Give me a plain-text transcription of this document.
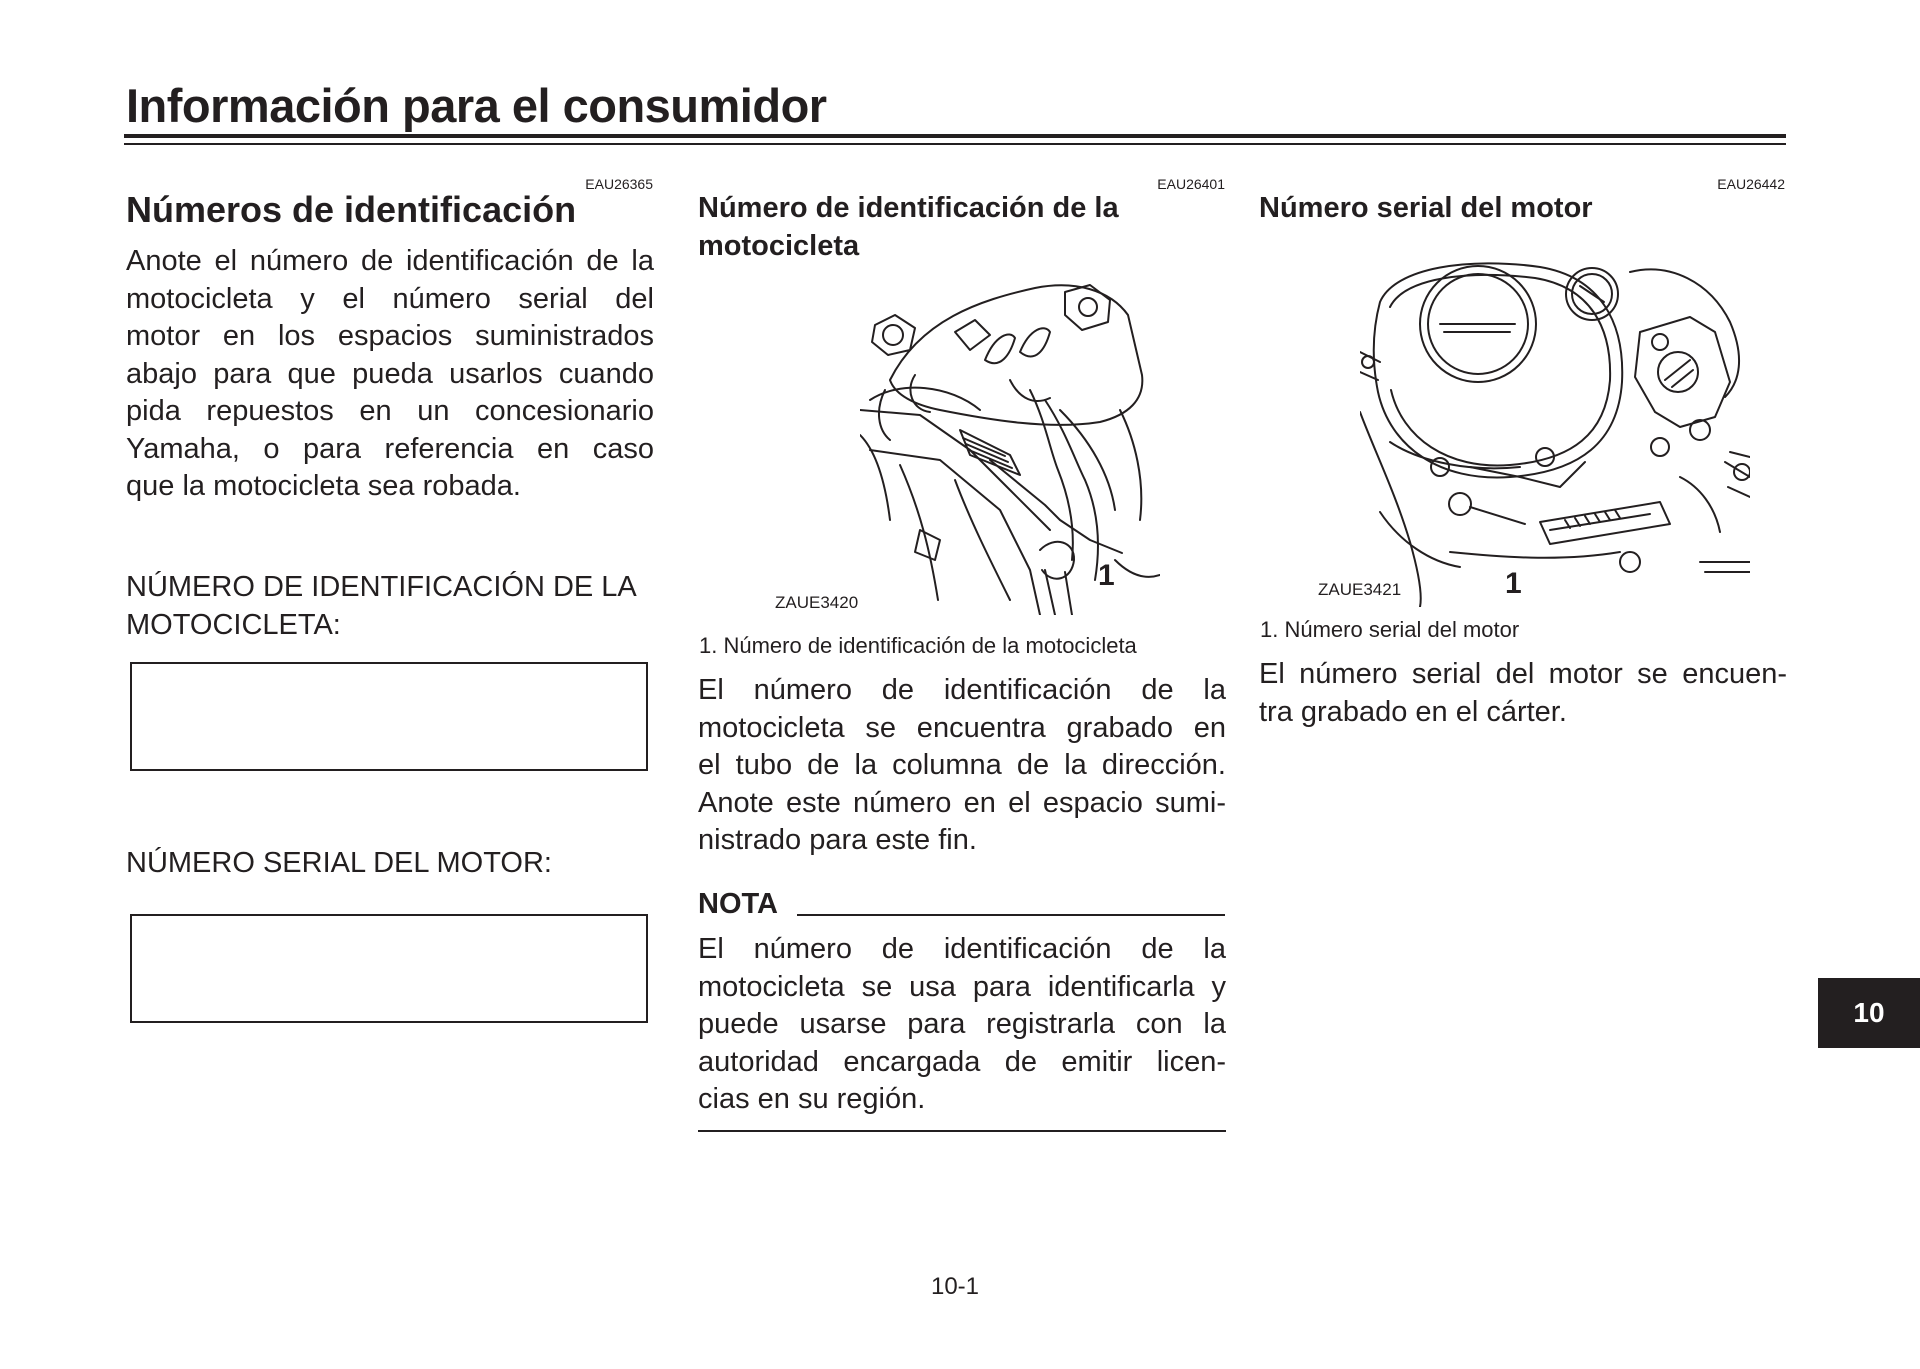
Información para el consumidor
EAU26365
Números de identificación
Anote el número de identificación de la
motocicleta y el número serial del
motor en los espacios suministrados
abajo para que pueda usarlos cuando
pida repuestos en un concesionario
Yamaha, o para referencia en caso
que la motocicleta sea robada.
NÚMERO DE IDENTIFICACIÓN DE LA
MOTOCICLETA:
NÚMERO SERIAL DEL MOTOR:
EAU26401
Número de identificación de la
motocicleta
ZAUE3420
1
1. Número de identificación de la motocicleta
El número de identificación de la
motocicleta se encuentra grabado en
el tubo de la columna de la dirección.
Anote este número en el espacio sumi-
nistrado para este fin.
NOTA
El número de identificación de la
motocicleta se usa para identificarla y
puede usarse para registrarla con la
autoridad encargada de emitir licen-
cias en su región.
EAU26442
Número serial del motor
ZAUE3421	1
1. Número serial del motor
El número serial del motor se encuen-
tra grabado en el cárter.
10
10-1
